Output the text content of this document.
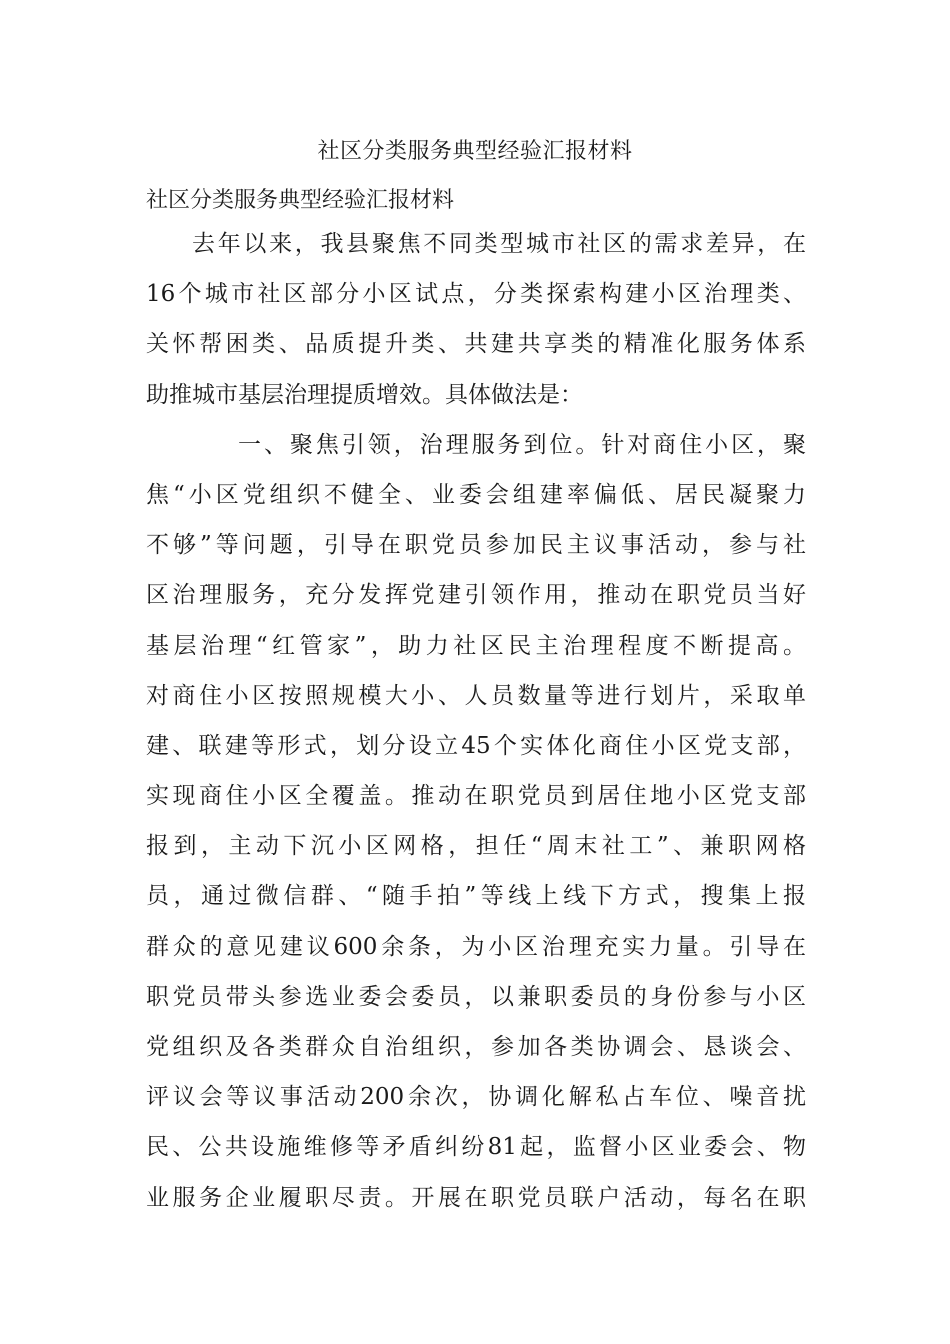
社区分类服务典型经验汇报材料
社区分类服务典型经验汇报材料
去年以来，我县聚焦不同类型城市社区的需求差异，在
16个城市社区部分小区试点，分类探索构建小区治理类、
关怀帮困类、品质提升类、共建共享类的精准化服务体系
助推城市基层治理提质增效。具体做法是：
一、聚焦引领，治理服务到位。针对商住小区，聚
焦“小区党组织不健全、业委会组建率偏低、居民凝聚力
不够”等问题，引导在职党员参加民主议事活动，参与社
区治理服务，充分发挥党建引领作用，推动在职党员当好
基层治理“红管家”，助力社区民主治理程度不断提高。
对商住小区按照规模大小、人员数量等进行划片，采取单
建、联建等形式，划分设立45个实体化商住小区党支部，
实现商住小区全覆盖。推动在职党员到居住地小区党支部
报到，主动下沉小区网格，担任“周末社工”、兼职网格
员，通过微信群、“随手拍”等线上线下方式，搜集上报
群众的意见建议600余条，为小区治理充实力量。引导在
职党员带头参选业委会委员，以兼职委员的身份参与小区
党组织及各类群众自治组织，参加各类协调会、恳谈会、
评议会等议事活动200余次，协调化解私占车位、噪音扰
民、公共设施维修等矛盾纠纷81起，监督小区业委会、物
业服务企业履职尽责。开展在职党员联户活动，每名在职
